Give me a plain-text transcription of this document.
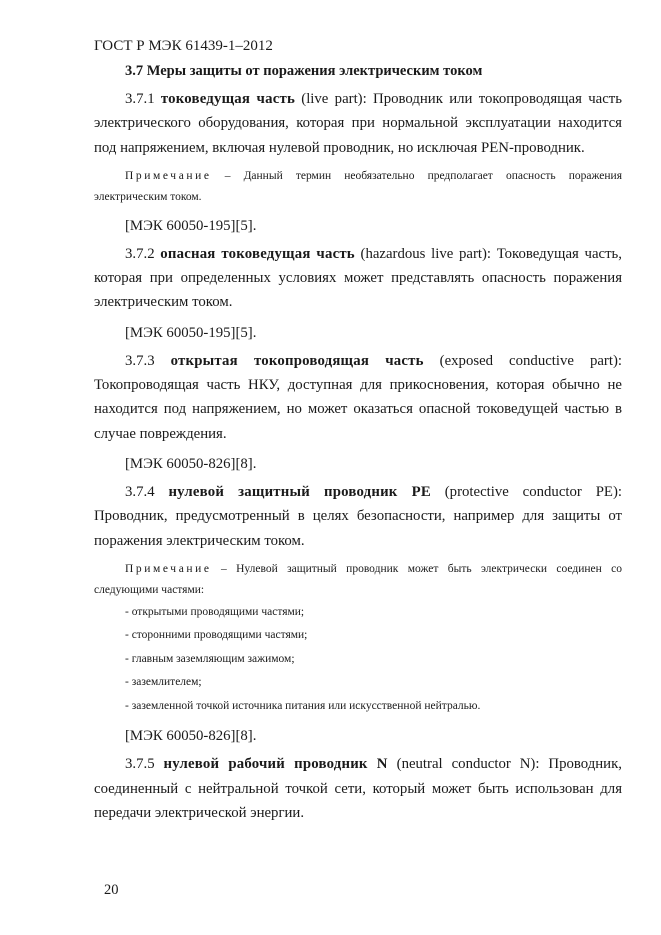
ГОСТ Р МЭК 61439-1–2012

3.7 Меры защиты от поражения электрическим током

3.7.1 токоведущая часть (live part): Проводник или токопроводящая часть электрического оборудования, которая при нормальной эксплуатации находится под напряжением, включая нулевой проводник, но исключая PEN-проводник.

Примечание – Данный термин необязательно предполагает опасность поражения электрическим током.

[МЭК 60050-195][5].

3.7.2 опасная токоведущая часть (hazardous live part): Токоведущая часть, которая при определенных условиях может представлять опасность поражения электрическим током.

[МЭК 60050-195][5].

3.7.3 открытая токопроводящая часть (exposed conductive part): Токопроводящая часть НКУ, доступная для прикосновения, которая обычно не находится под напряжением, но может оказаться опасной токоведущей частью в случае повреждения.

[МЭК 60050-826][8].

3.7.4 нулевой защитный проводник РЕ (protective conductor PE): Проводник, предусмотренный в целях безопасности, например для защиты от поражения электрическим током.

Примечание – Нулевой защитный проводник может быть электрически соединен со следующими частями:

- открытыми проводящими частями;

- сторонними проводящими частями;

- главным заземляющим зажимом;

- заземлителем;

- заземленной точкой источника питания или искусственной нейтралью.

[МЭК 60050-826][8].

3.7.5 нулевой рабочий проводник N (neutral conductor N): Проводник, соединенный с нейтральной точкой сети, который может быть использован для передачи электрической энергии.

20
